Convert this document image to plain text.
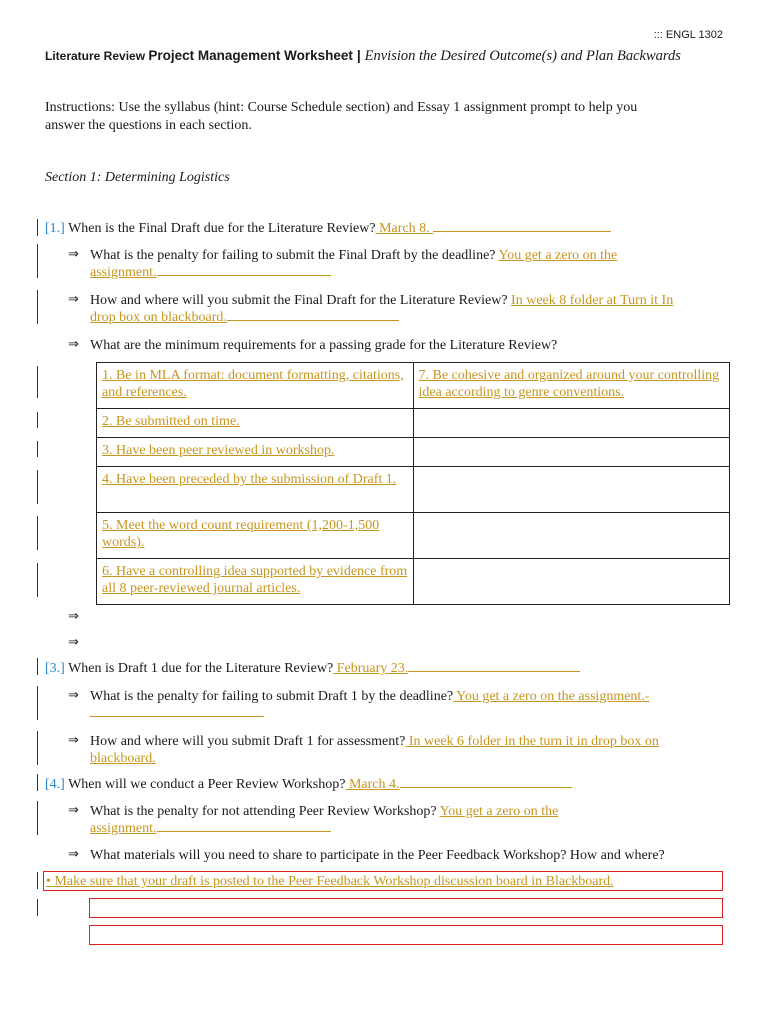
::: ENGL 1302
Literature Review Project Management Worksheet | Envision the Desired Outcome(s) and Plan Backwards
Instructions: Use the syllabus (hint: Course Schedule section) and Essay 1 assignment prompt to help you
answer the questions in each section.
Section 1: Determining Logistics
[1.] When is the Final Draft due for the Literature Review? March 8.
⇒ What is the penalty for failing to submit the Final Draft by the deadline? You get a zero on the
assignment.
⇒ How and where will you submit the Final Draft for the Literature Review? In week 8 folder at Turn it In
drop box on blackboard.
⇒ What are the minimum requirements for a passing grade for the Literature Review?
1. Be in MLA format: document formatting, citations, and references.	7. Be cohesive and organized around your controlling idea according to genre conventions.

2. Be submitted on time.	

3. Have been peer reviewed in workshop.	

4. Have been preceded by the submission of Draft 1.	

5. Meet the word count requirement (1,200-1,500 words).	

6. Have a controlling idea supported by evidence from all 8 peer-reviewed journal articles.	

⇒
⇒
[3.] When is Draft 1 due for the Literature Review? February 23.
⇒ What is the penalty for failing to submit Draft 1 by the deadline? You get a zero on the assignment.-

⇒ How and where will you submit Draft 1 for assessment? In week 6 folder in the turn it in drop box on
blackboard.
[4.] When will we conduct a Peer Review Workshop? March 4.
⇒ What is the penalty for not attending Peer Review Workshop? You get a zero on the
assignment.
⇒ What materials will you need to share to participate in the Peer Feedback Workshop? How and where?
• Make sure that your draft is posted to the Peer Feedback Workshop discussion board in Blackboard.
